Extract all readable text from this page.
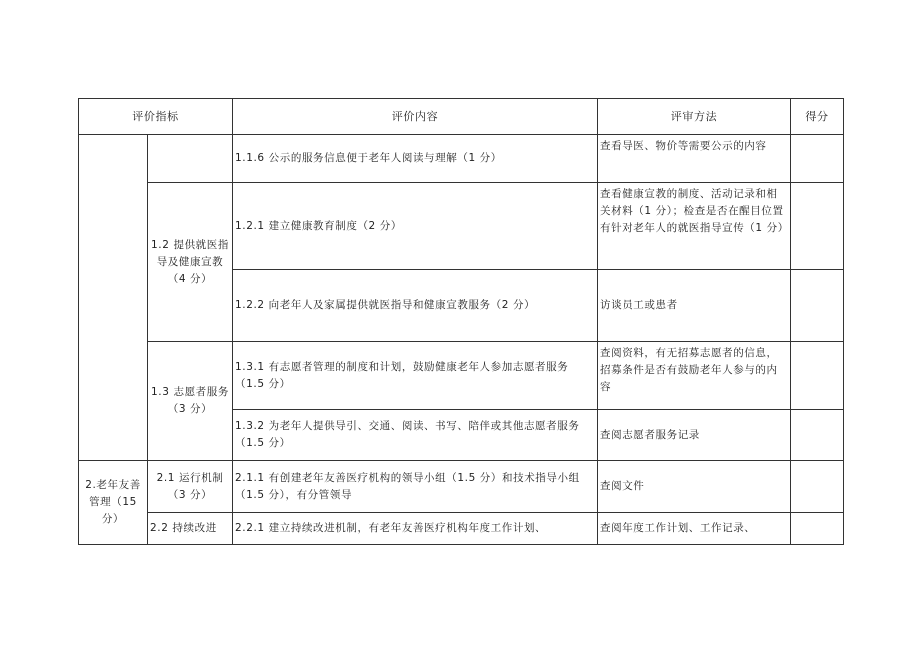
评价指标		评价内容	评审方法	得分
		1.1.6 公示的服务信息便于老年人阅读与理解（1 分）	查看导医、物价等需要公示的内容	
	1.2 提供就医指导及健康宣教（4 分）	1.2.1 建立健康教育制度（2 分）	查看健康宣教的制度、活动记录和相关材料（1 分）；检查是否在醒目位置有针对老年人的就医指导宣传（1 分）	
		1.2.2 向老年人及家属提供就医指导和健康宣教服务（2 分）	访谈员工或患者	
	1.3 志愿者服务（3 分）	1.3.1 有志愿者管理的制度和计划，鼓励健康老年人参加志愿者服务（1.5 分）	查阅资料，有无招募志愿者的信息，招募条件是否有鼓励老年人参与的内容	
		1.3.2 为老年人提供导引、交通、阅读、书写、陪伴或其他志愿者服务（1.5 分）	查阅志愿者服务记录	
2.老年友善管理（15 分）	2.1 运行机制（3 分）	2.1.1 有创建老年友善医疗机构的领导小组（1.5 分）和技术指导小组（1.5 分），有分管领导	查阅文件	
	2.2 持续改进	2.2.1 建立持续改进机制，有老年友善医疗机构年度工作计划、	查阅年度工作计划、工作记录、	
